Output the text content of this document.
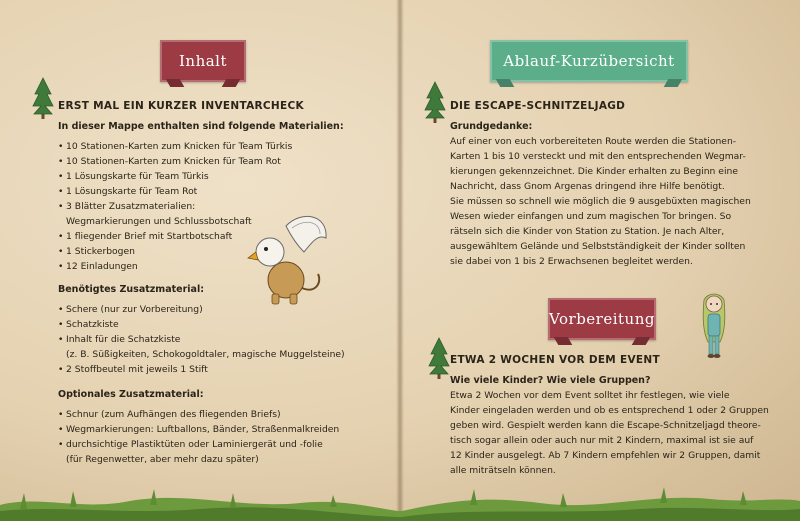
Inhalt
ERST MAL EIN KURZER INVENTARCHECK
In dieser Mappe enthalten sind folgende Materialien:
• 10 Stationen-Karten zum Knicken für Team Türkis
• 10 Stationen-Karten zum Knicken für Team Rot
• 1 Lösungskarte für Team Türkis
• 1 Lösungskarte für Team Rot
• 3 Blätter Zusatzmaterialien:
Wegmarkierungen und Schlussbotschaft
• 1 fliegender Brief mit Startbotschaft
• 1 Stickerbogen
• 12 Einladungen
Benötigtes Zusatzmaterial:
• Schere (nur zur Vorbereitung)
• Schatzkiste
• Inhalt für die Schatzkiste
(z. B. Süßigkeiten, Schokogoldtaler, magische Muggelsteine)
• 2 Stoffbeutel mit jeweils 1 Stift
Optionales Zusatzmaterial:
• Schnur (zum Aufhängen des fliegenden Briefs)
• Wegmarkierungen: Luftballons, Bänder, Straßenmalkreiden
• durchsichtige Plastiktüten oder Laminiergerät und -folie
(für Regenwetter, aber mehr dazu später)
Ablauf-Kurzübersicht
DIE ESCAPE-SCHNITZELJAGD
Grundgedanke:
Auf einer von euch vorbereiteten Route werden die Stationen-
Karten 1 bis 10 versteckt und mit den entsprechenden Wegmar-
kierungen gekennzeichnet. Die Kinder erhalten zu Beginn eine
Nachricht, dass Gnom Argenas dringend ihre Hilfe benötigt.
Sie müssen so schnell wie möglich die 9 ausgebüxten magischen
Wesen wieder einfangen und zum magischen Tor bringen. So
rätseln sich die Kinder von Station zu Station. Je nach Alter,
ausgewähltem Gelände und Selbstständigkeit der Kinder sollten
sie dabei von 1 bis 2 Erwachsenen begleitet werden.
Vorbereitung
ETWA 2 WOCHEN VOR DEM EVENT
Wie viele Kinder? Wie viele Gruppen?
Etwa 2 Wochen vor dem Event solltet ihr festlegen, wie viele
Kinder eingeladen werden und ob es entsprechend 1 oder 2 Gruppen
geben wird. Gespielt werden kann die Escape-Schnitzeljagd theore-
tisch sogar allein oder auch nur mit 2 Kindern, maximal ist sie auf
12 Kinder ausgelegt. Ab 7 Kindern empfehlen wir 2 Gruppen, damit
alle miträtseln können.
